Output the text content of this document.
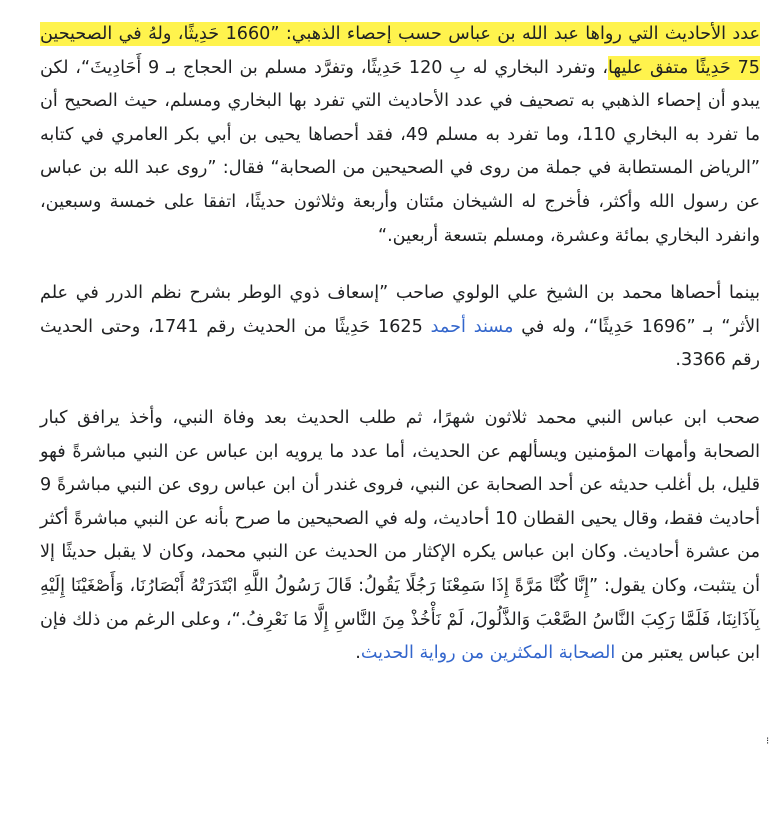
عدد الأحاديث التي رواها عبد الله بن عباس حسب إحصاء الذهبي: ”1660 حَدِيثًا، ولهُ في الصحيحين 75 حَدِيثًا متفق عليها، وتفرد البخاري له بِ 120 حَدِيثًا، وتفرَّد مسلم بن الحجاج بـ 9 أَحَادِيثَ“، لكن يبدو أن إحصاء الذهبي به تصحيف في عدد الأحاديث التي تفرد بها البخاري ومسلم، حيث الصحيح أن ما تفرد به البخاري 110، وما تفرد به مسلم 49، فقد أحصاها يحيى بن أبي بكر العامري في كتابه ”الرياض المستطابة في جملة من روى في الصحيحين من الصحابة“ فقال: ”روى عبد الله بن عباس عن رسول الله وأكثر، فأخرج له الشيخان مئتان وأربعة وثلاثون حديثًا، اتفقا على خمسة وسبعين، وانفرد البخاري بمائة وعشرة، ومسلم بتسعة أربعين.“

بينما أحصاها محمد بن الشيخ علي الولوي صاحب ”إسعاف ذوي الوطر بشرح نظم الدرر في علم الأثر“ بـ ”1696 حَدِيثًا“، وله في مسند أحمد 1625 حَدِيثًا من الحديث رقم 1741، وحتى الحديث رقم 3366.

صحب ابن عباس النبي محمد ثلاثون شهرًا، ثم طلب الحديث بعد وفاة النبي، وأخذ يرافق كبار الصحابة وأمهات المؤمنين ويسألهم عن الحديث، أما عدد ما يرويه ابن عباس عن النبي مباشرةً فهو قليل، بل أغلب حديثه عن أحد الصحابة عن النبي، فروى غندر أن ابن عباس روى عن النبي مباشرةً 9 أحاديث فقط، وقال يحيى القطان 10 أحاديث، وله في الصحيحين ما صرح بأنه عن النبي مباشرةً أكثر من عشرة أحاديث. وكان ابن عباس يكره الإكثار من الحديث عن النبي محمد، وكان لا يقبل حديثًا إلا أن يتثبت، وكان يقول: ”إِنَّا كُنَّا مَرَّةً إِذَا سَمِعْنَا رَجُلًا يَقُولُ: قَالَ رَسُولُ اللَّهِ ابْتَدَرَتْهُ أَبْصَارُنَا، وَأَصْغَيْنَا إِلَيْهِ بِآذَانِنَا، فَلَمَّا رَكِبَ النَّاسُ الصَّعْبَ وَالذَّلُولَ، لَمْ نَأْخُذْ مِنَ النَّاسِ إِلَّا مَا نَعْرِفُ.“، وعلى الرغم من ذلك فإن ابن عباس يعتبر من الصحابة المكثرين من رواية الحديث.

⁝
